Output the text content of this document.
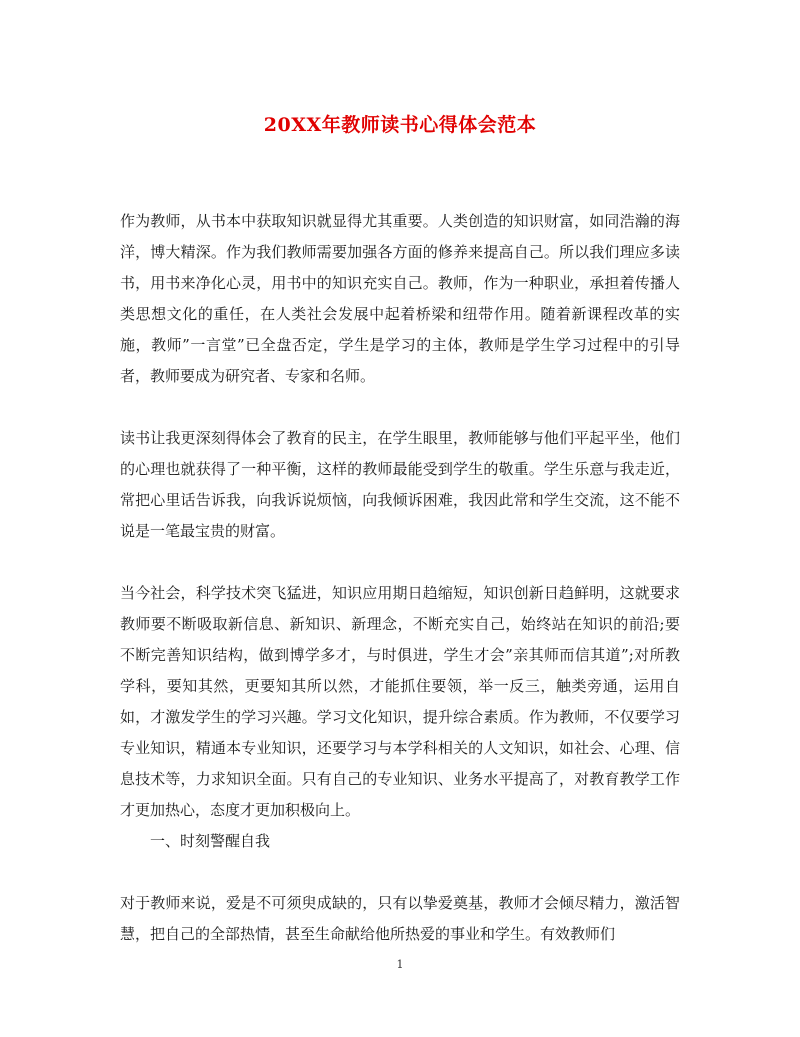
20XX年教师读书心得体会范本

作为教师，从书本中获取知识就显得尤其重要。人类创造的知识财富，如同浩瀚的海洋，博大精深。作为我们教师需要加强各方面的修养来提高自己。所以我们理应多读书，用书来净化心灵，用书中的知识充实自己。教师，作为一种职业，承担着传播人类思想文化的重任，在人类社会发展中起着桥梁和纽带作用。随着新课程改革的实施，教师”一言堂”已全盘否定，学生是学习的主体，教师是学生学习过程中的引导者，教师要成为研究者、专家和名师。

读书让我更深刻得体会了教育的民主，在学生眼里，教师能够与他们平起平坐，他们的心理也就获得了一种平衡，这样的教师最能受到学生的敬重。学生乐意与我走近，常把心里话告诉我，向我诉说烦恼，向我倾诉困难，我因此常和学生交流，这不能不说是一笔最宝贵的财富。

当今社会，科学技术突飞猛进，知识应用期日趋缩短，知识创新日趋鲜明，这就要求教师要不断吸取新信息、新知识、新理念，不断充实自己，始终站在知识的前沿;要不断完善知识结构，做到博学多才，与时俱进，学生才会”亲其师而信其道”;对所教学科，要知其然，更要知其所以然，才能抓住要领，举一反三，触类旁通，运用自如，才激发学生的学习兴趣。学习文化知识，提升综合素质。作为教师，不仅要学习专业知识，精通本专业知识，还要学习与本学科相关的人文知识，如社会、心理、信息技术等，力求知识全面。只有自己的专业知识、业务水平提高了，对教育教学工作才更加热心，态度才更加积极向上。

一、时刻警醒自我

对于教师来说，爱是不可须臾成缺的，只有以挚爱奠基，教师才会倾尽精力，激活智慧，把自己的全部热情，甚至生命献给他所热爱的事业和学生。有效教师们

1
